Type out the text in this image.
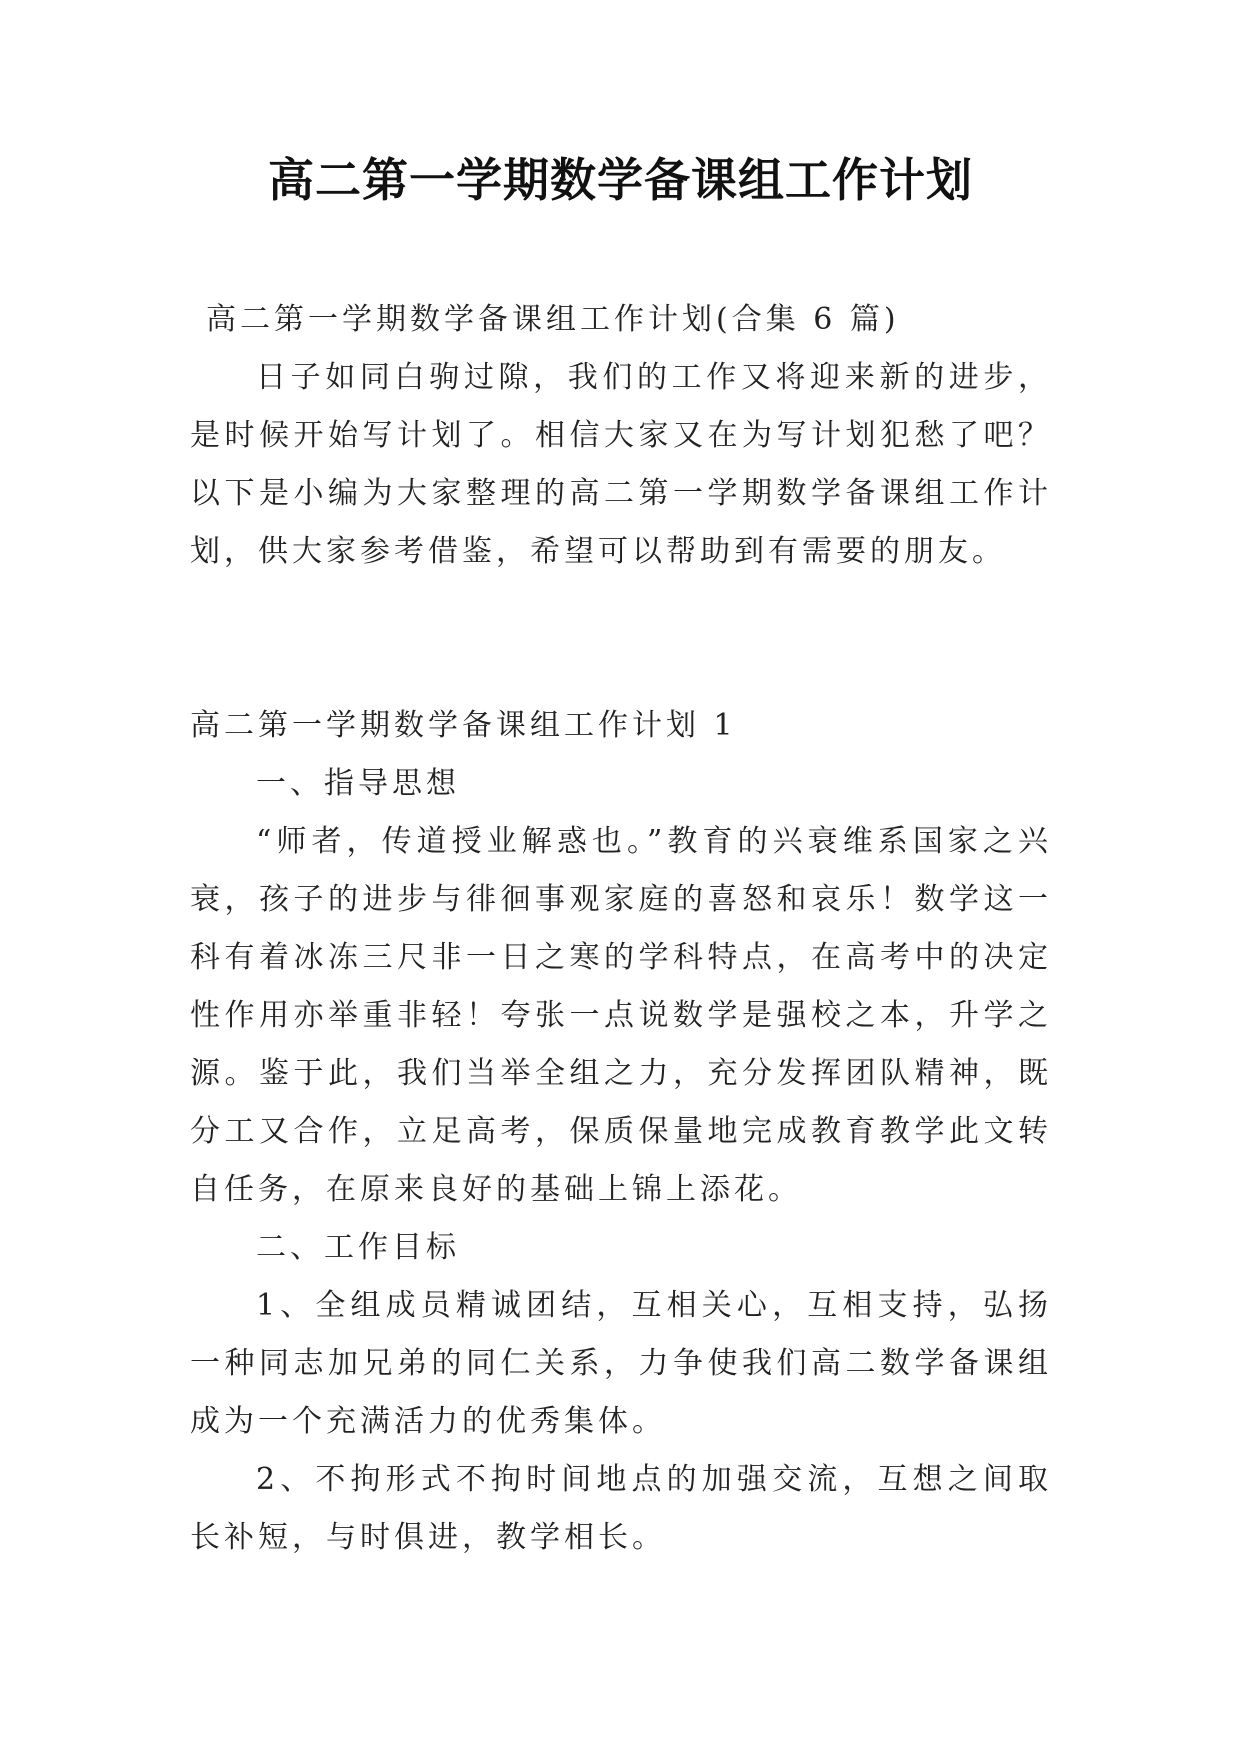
高二第一学期数学备课组工作计划

高二第一学期数学备课组工作计划(合集 6 篇)

日子如同白驹过隙，我们的工作又将迎来新的进步，是时候开始写计划了。相信大家又在为写计划犯愁了吧？以下是小编为大家整理的高二第一学期数学备课组工作计划，供大家参考借鉴，希望可以帮助到有需要的朋友。

高二第一学期数学备课组工作计划 1

一、指导思想

“师者，传道授业解惑也。”教育的兴衰维系国家之兴衰，孩子的进步与徘徊事观家庭的喜怒和哀乐！数学这一科有着冰冻三尺非一日之寒的学科特点，在高考中的决定性作用亦举重非轻！夸张一点说数学是强校之本，升学之源。鉴于此，我们当举全组之力，充分发挥团队精神，既分工又合作，立足高考，保质保量地完成教育教学此文转自任务，在原来良好的基础上锦上添花。

二、工作目标

1、全组成员精诚团结，互相关心，互相支持，弘扬一种同志加兄弟的同仁关系，力争使我们高二数学备课组成为一个充满活力的优秀集体。

2、不拘形式不拘时间地点的加强交流，互想之间取长补短，与时俱进，教学相长。
